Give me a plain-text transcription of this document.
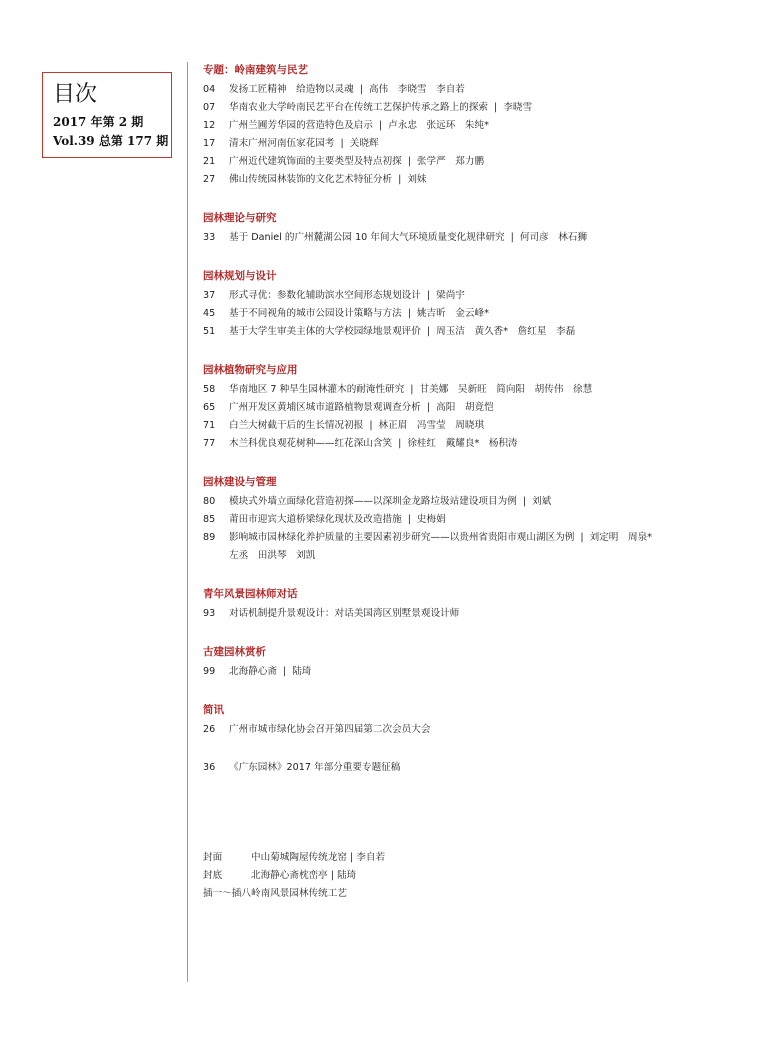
目次
2017 年第 2 期
Vol.39 总第 177 期
专题：岭南建筑与民艺
04 发扬工匠精神　给造物以灵魂 | 高伟　李晓雪　李自若
07 华南农业大学岭南民艺平台在传统工艺保护传承之路上的探索 | 李晓雪
12 广州兰圃芳华园的营造特色及启示 | 卢永忠　张远环　朱纯*
17 清末广州河南伍家花园考 | 关晓辉
21 广州近代建筑饰面的主要类型及特点初探 | 张学严　郑力鹏
27 佛山传统园林装饰的文化艺术特征分析 | 刘妹
园林理论与研究
33 基于 Daniel 的广州麓湖公园 10 年间大气环境质量变化规律研究 | 何司彦　林石狮
园林规划与设计
37 形式寻优：参数化辅助滨水空间形态规划设计 | 梁尚宇
45 基于不同视角的城市公园设计策略与方法 | 姚吉昕　金云峰*
51 基于大学生审美主体的大学校园绿地景观评价 | 周玉洁　黄久香*　詹红星　李磊
园林植物研究与应用
58 华南地区 7 种旱生园林灌木的耐淹性研究 | 甘美娜　吴新旺　简向阳　胡传伟　徐慧
65 广州开发区黄埔区城市道路植物景观调查分析 | 高阳　胡竟恺
71 白兰大树截干后的生长情况初报 | 林正眉　冯雪莹　周晓琪
77 木兰科优良观花树种——红花深山含笑 | 徐桂红　戴耀良*　杨积涛
园林建设与管理
80 模块式外墙立面绿化营造初探——以深圳金龙路垃圾站建设项目为例 | 刘斌
85 莆田市迎宾大道桥梁绿化现状及改造措施 | 史梅娟
89 影响城市园林绿化养护质量的主要因素初步研究——以贵州省贵阳市观山湖区为例 | 刘定明　周泉*
左丞　田洪琴　刘凯
青年风景园林师对话
93 对话机制提升景观设计：对话美国湾区别墅景观设计师
古建园林赏析
99 北海静心斋 | 陆琦
简讯
26 广州市城市绿化协会召开第四届第二次会员大会
36 《广东园林》2017 年部分重要专题征稿
封面	中山菊城陶屋传统龙窑 | 李自若
封底	北海静心斋枕峦亭 | 陆琦
插一～插八岭南风景园林传统工艺
